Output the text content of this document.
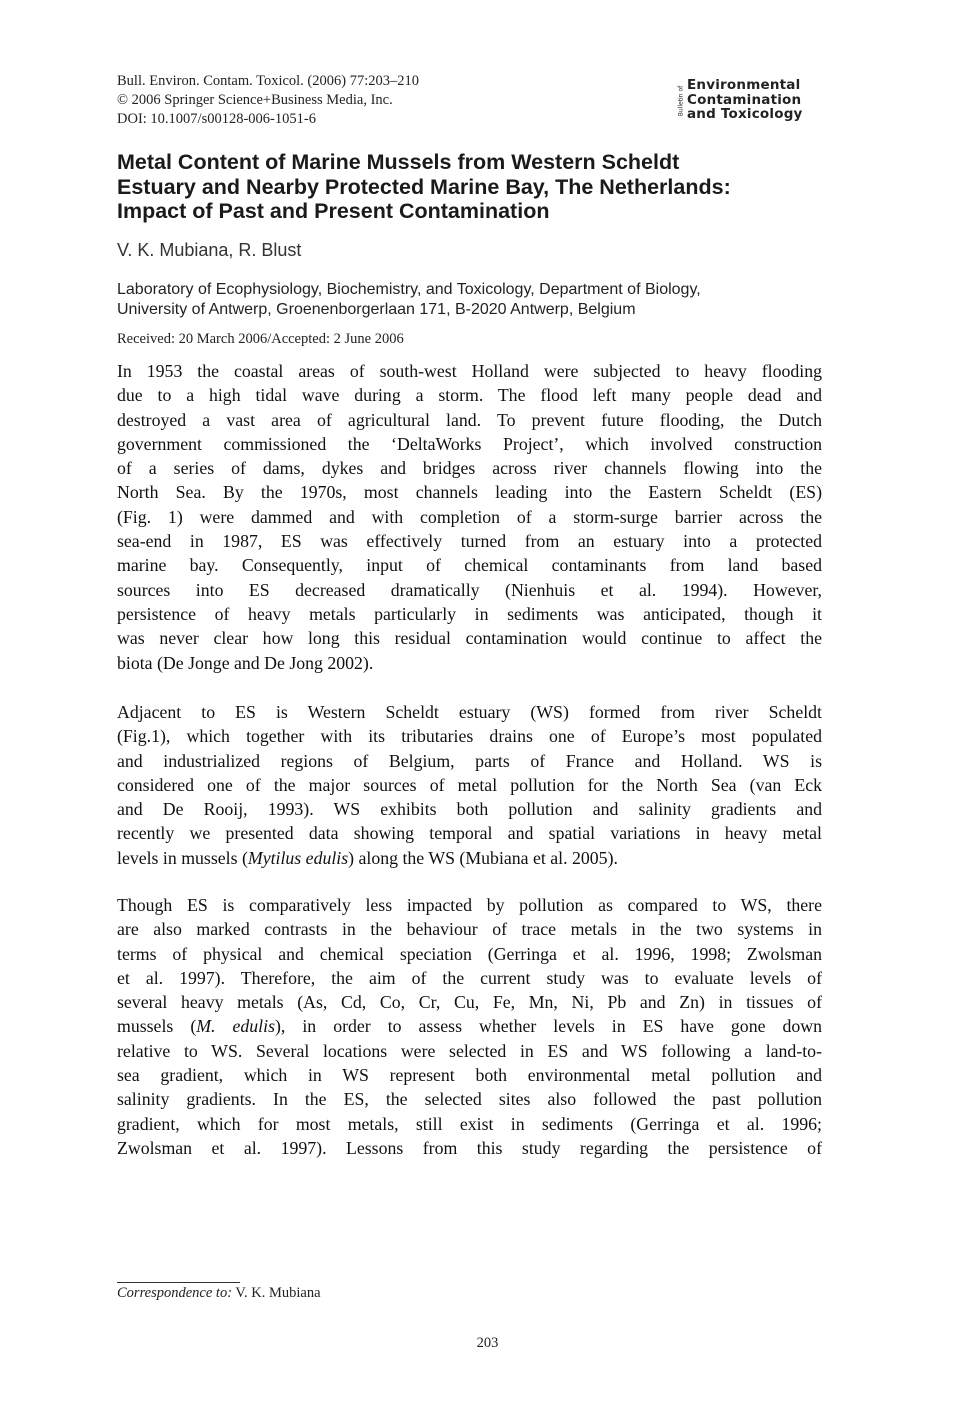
Bull. Environ. Contam. Toxicol. (2006) 77:203–210
© 2006 Springer Science+Business Media, Inc.
DOI: 10.1007/s00128-006-1051-6
Bulletin of
Environmental
Contamination
and Toxicology
Metal Content of Marine Mussels from Western Scheldt
Estuary and Nearby Protected Marine Bay, The Netherlands:
Impact of Past and Present Contamination
V. K. Mubiana, R. Blust
Laboratory of Ecophysiology, Biochemistry, and Toxicology, Department of Biology,
University of Antwerp, Groenenborgerlaan 171, B-2020 Antwerp, Belgium
Received: 20 March 2006/Accepted: 2 June 2006
In 1953 the coastal areas of south-west Holland were subjected to heavy flooding
due to a high tidal wave during a storm. The flood left many people dead and
destroyed a vast area of agricultural land. To prevent future flooding, the Dutch
government commissioned the ‘DeltaWorks Project’, which involved construction
of a series of dams, dykes and bridges across river channels flowing into the
North Sea. By the 1970s, most channels leading into the Eastern Scheldt (ES)
(Fig. 1) were dammed and with completion of a storm-surge barrier across the
sea-end in 1987, ES was effectively turned from an estuary into a protected
marine bay. Consequently, input of chemical contaminants from land based
sources into ES decreased dramatically (Nienhuis et al. 1994). However,
persistence of heavy metals particularly in sediments was anticipated, though it
was never clear how long this residual contamination would continue to affect the
biota (De Jonge and De Jong 2002).
Adjacent to ES is Western Scheldt estuary (WS) formed from river Scheldt
(Fig.1), which together with its tributaries drains one of Europe’s most populated
and industrialized regions of Belgium, parts of France and Holland. WS is
considered one of the major sources of metal pollution for the North Sea (van Eck
and De Rooij, 1993). WS exhibits both pollution and salinity gradients and
recently we presented data showing temporal and spatial variations in heavy metal
levels in mussels (Mytilus edulis) along the WS (Mubiana et al. 2005).
Though ES is comparatively less impacted by pollution as compared to WS, there
are also marked contrasts in the behaviour of trace metals in the two systems in
terms of physical and chemical speciation (Gerringa et al. 1996, 1998; Zwolsman
et al. 1997). Therefore, the aim of the current study was to evaluate levels of
several heavy metals (As, Cd, Co, Cr, Cu, Fe, Mn, Ni, Pb and Zn) in tissues of
mussels (M. edulis), in order to assess whether levels in ES have gone down
relative to WS. Several locations were selected in ES and WS following a land-to-
sea gradient, which in WS represent both environmental metal pollution and
salinity gradients. In the ES, the selected sites also followed the past pollution
gradient, which for most metals, still exist in sediments (Gerringa et al. 1996;
Zwolsman et al. 1997). Lessons from this study regarding the persistence of
Correspondence to: V. K. Mubiana
203
